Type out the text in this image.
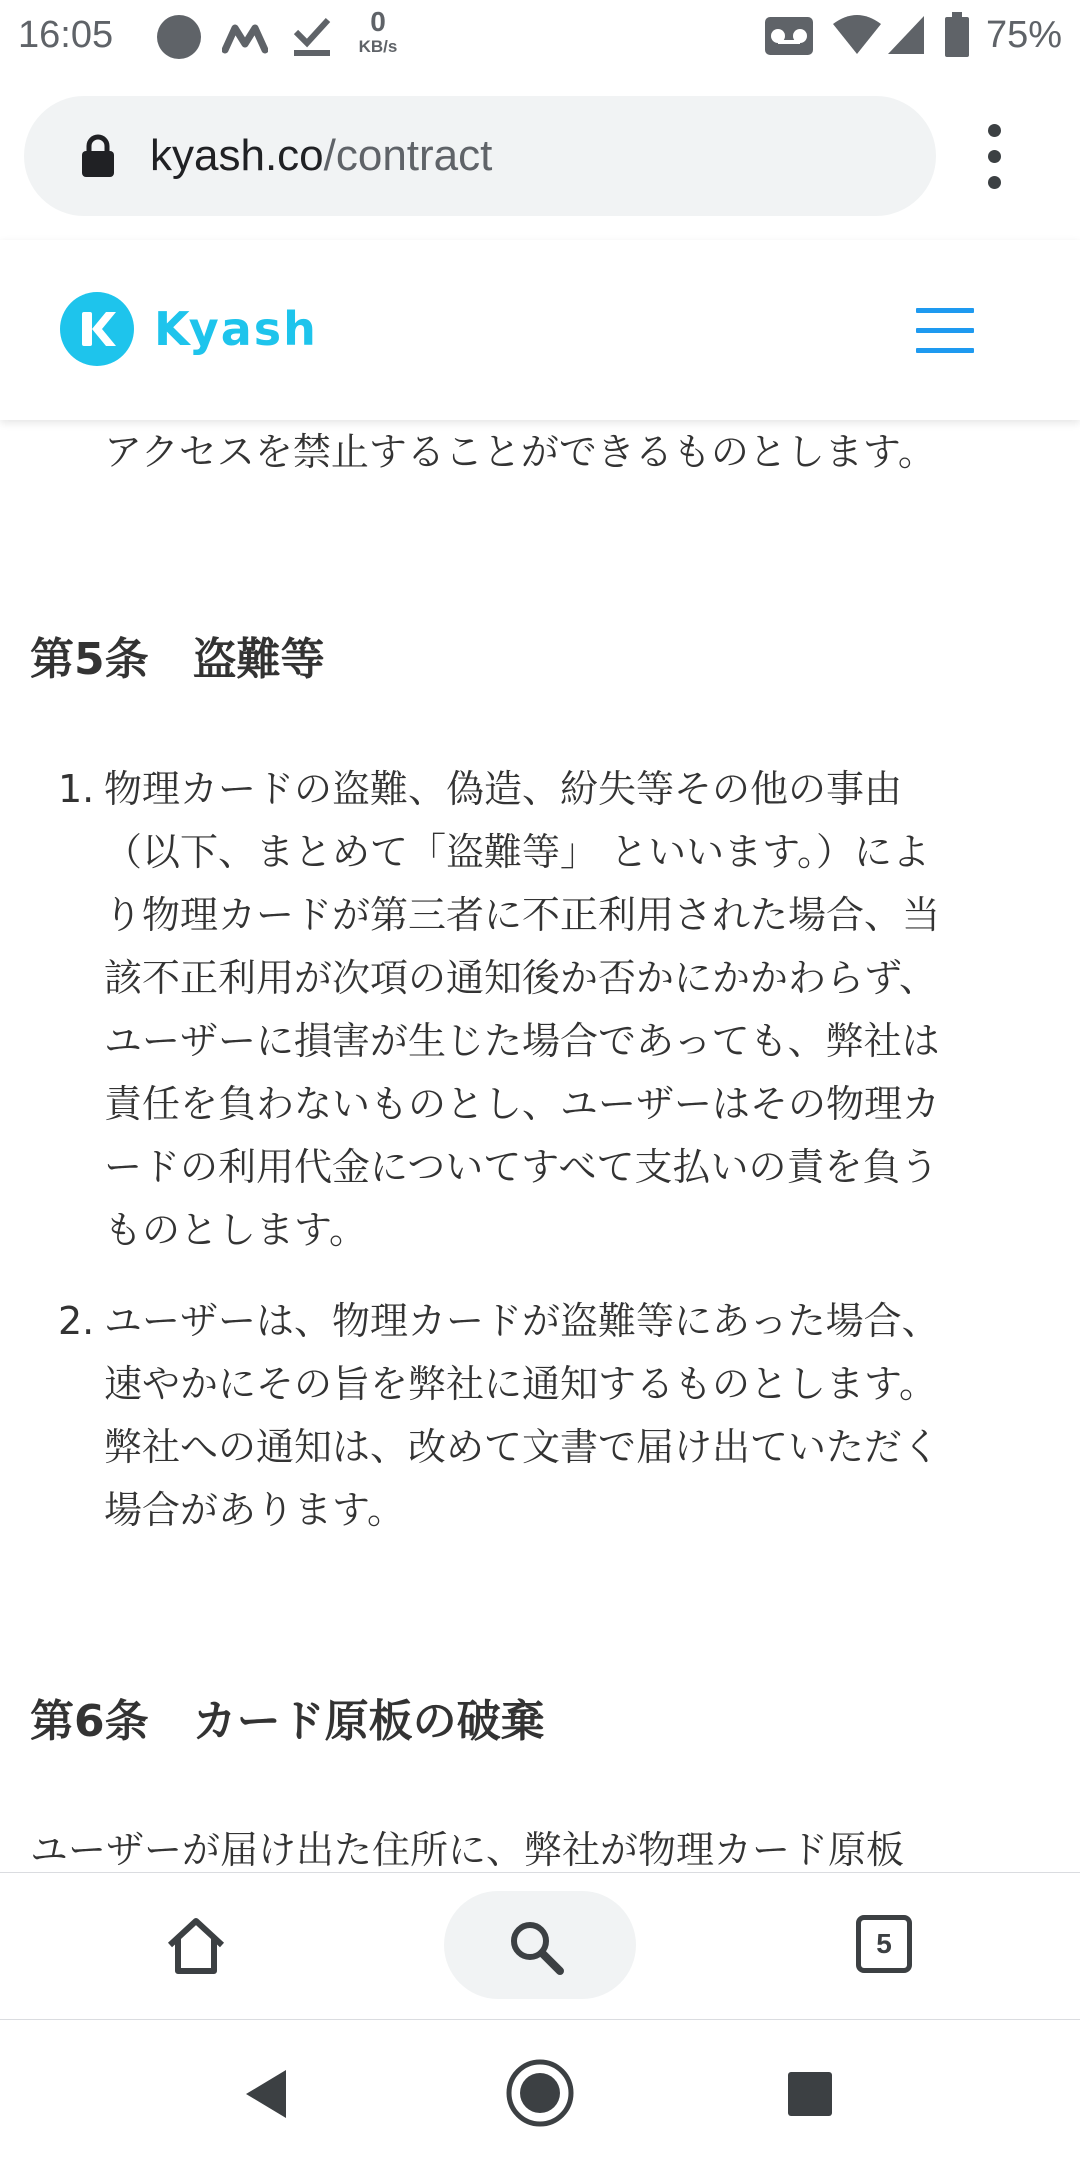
16:05	0
KB/s	75%
kyash.co/contract
Kyash
アクセスを禁止することができるものとします。
第5条　盗難等
1. 物理カードの盗難、偽造、紛失等その他の事由
（以下、まとめて「盗難等」 といいます。）によ
り物理カードが第三者に不正利用された場合、当
該不正利用が次項の通知後か否かにかかわらず、
ユーザーに損害が生じた場合であっても、弊社は
責任を負わないものとし、ユーザーはその物理カ
ードの利用代金についてすべて支払いの責を負う
ものとします。
2. ユーザーは、物理カードが盗難等にあった場合、
速やかにその旨を弊社に通知するものとします。
弊社への通知は、改めて文書で届け出ていただく
場合があります。
第6条　カード原板の破棄
ユーザーが届け出た住所に、弊社が物理カード原板
5
